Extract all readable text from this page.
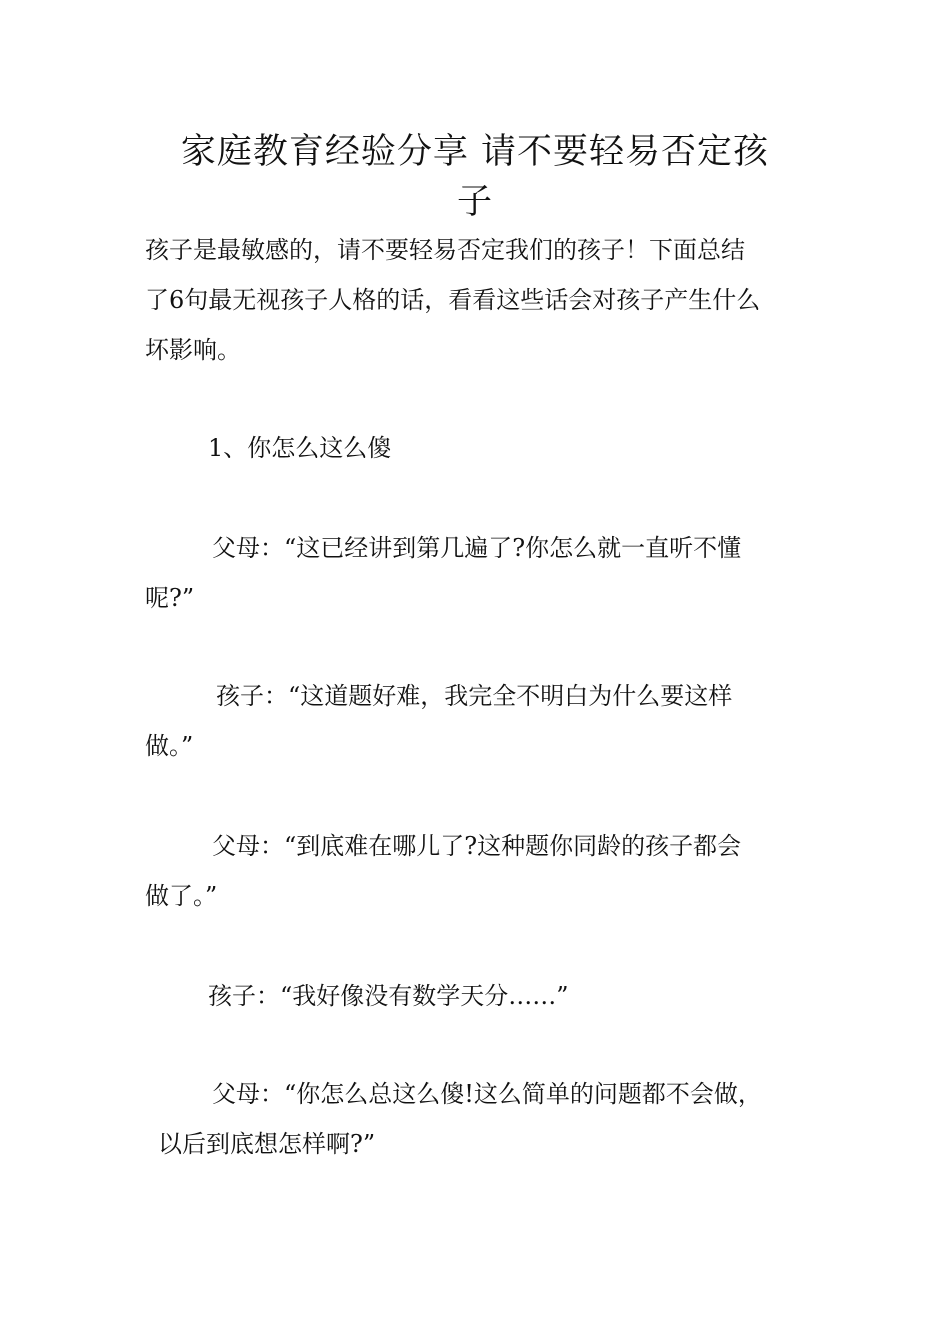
家庭教育经验分享 请不要轻易否定孩
子
孩子是最敏感的，请不要轻易否定我们的孩子！下面总结
了6句最无视孩子人格的话，看看这些话会对孩子产生什么
坏影响。
1、你怎么这么傻
父母：“这已经讲到第几遍了?你怎么就一直听不懂
呢?”
孩子：“这道题好难，我完全不明白为什么要这样
做。”
父母：“到底难在哪儿了?这种题你同龄的孩子都会
做了。”
孩子：“我好像没有数学天分……”
父母：“你怎么总这么傻!这么简单的问题都不会做，
以后到底想怎样啊?”
